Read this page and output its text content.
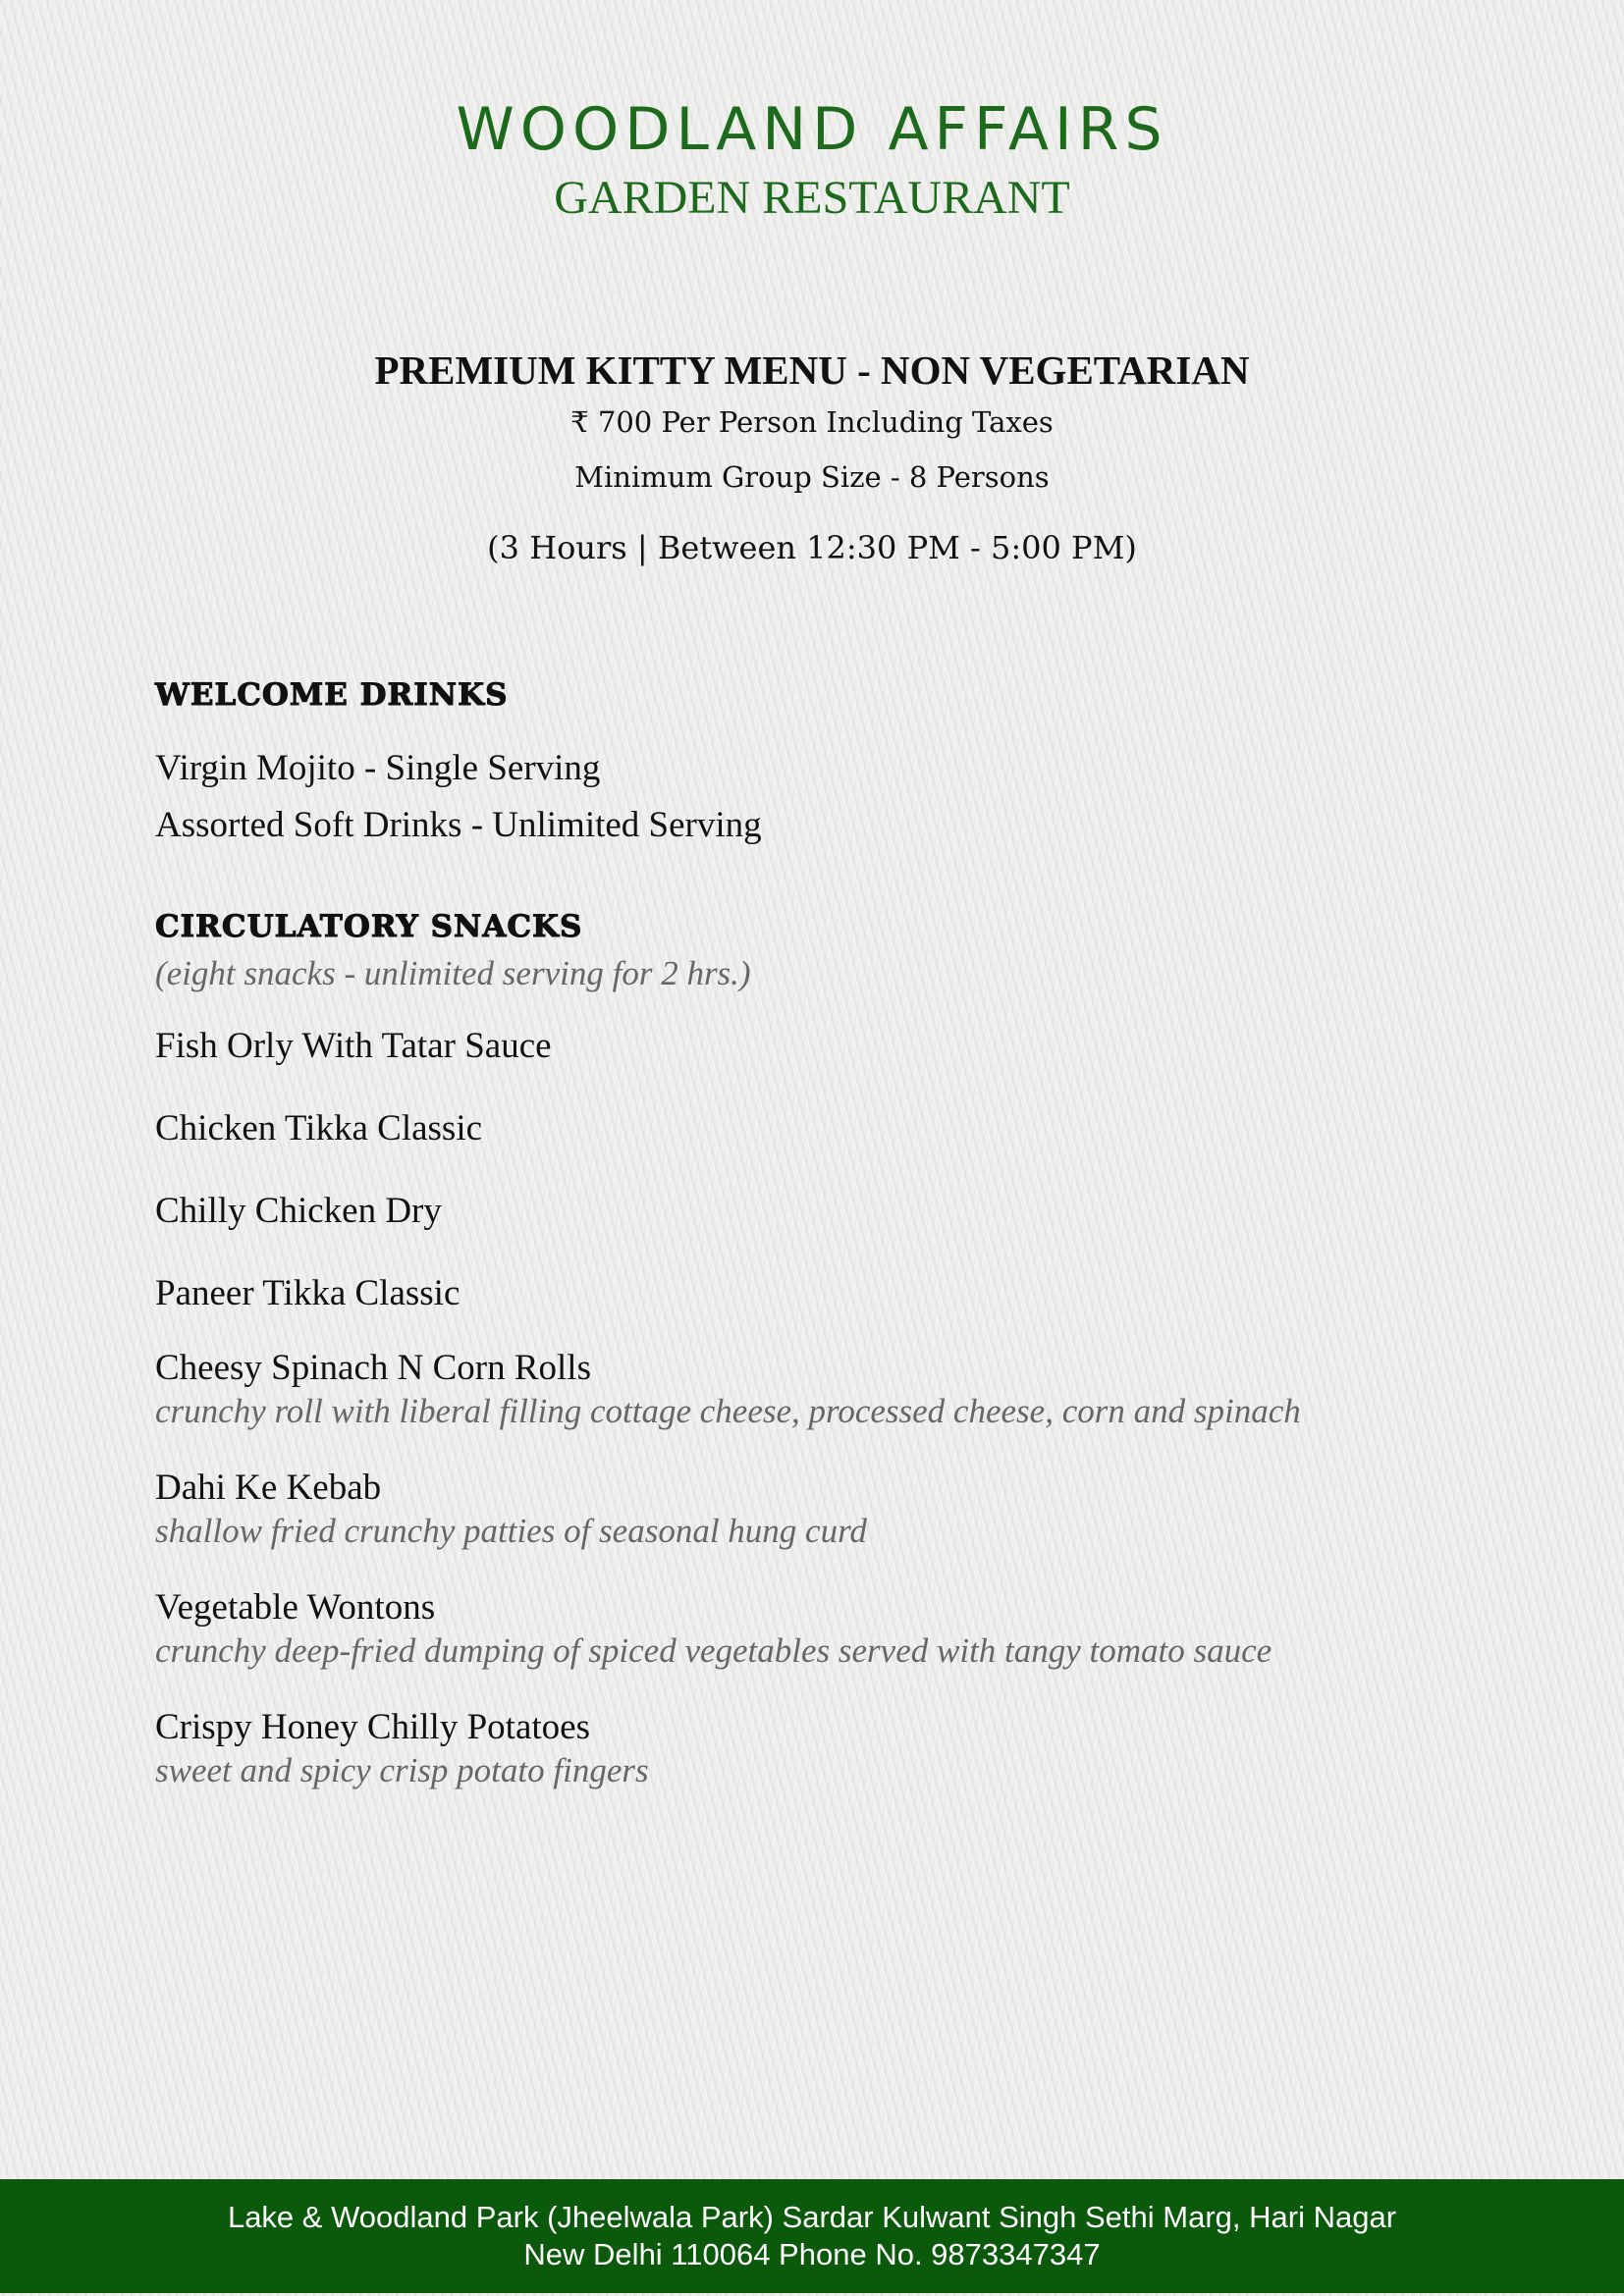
WOODLAND AFFAIRS
GARDEN RESTAURANT
PREMIUM KITTY MENU - NON VEGETARIAN
₹ 700 Per Person Including Taxes
Minimum Group Size - 8 Persons
(3 Hours | Between 12:30 PM - 5:00 PM)
WELCOME DRINKS
Virgin Mojito - Single Serving
Assorted Soft Drinks - Unlimited Serving
CIRCULATORY SNACKS
(eight snacks - unlimited serving for 2 hrs.)
Fish Orly With Tatar Sauce
Chicken Tikka Classic
Chilly Chicken Dry
Paneer Tikka Classic
Cheesy Spinach N Corn Rolls
crunchy roll with liberal filling cottage cheese, processed cheese, corn and spinach
Dahi Ke Kebab
shallow fried crunchy patties of seasonal hung curd
Vegetable Wontons
crunchy deep-fried dumping of spiced vegetables served with tangy tomato sauce
Crispy Honey Chilly Potatoes
sweet and spicy crisp potato fingers
Lake & Woodland Park (Jheelwala Park) Sardar Kulwant Singh Sethi Marg, Hari Nagar
New Delhi 110064 Phone No. 9873347347
